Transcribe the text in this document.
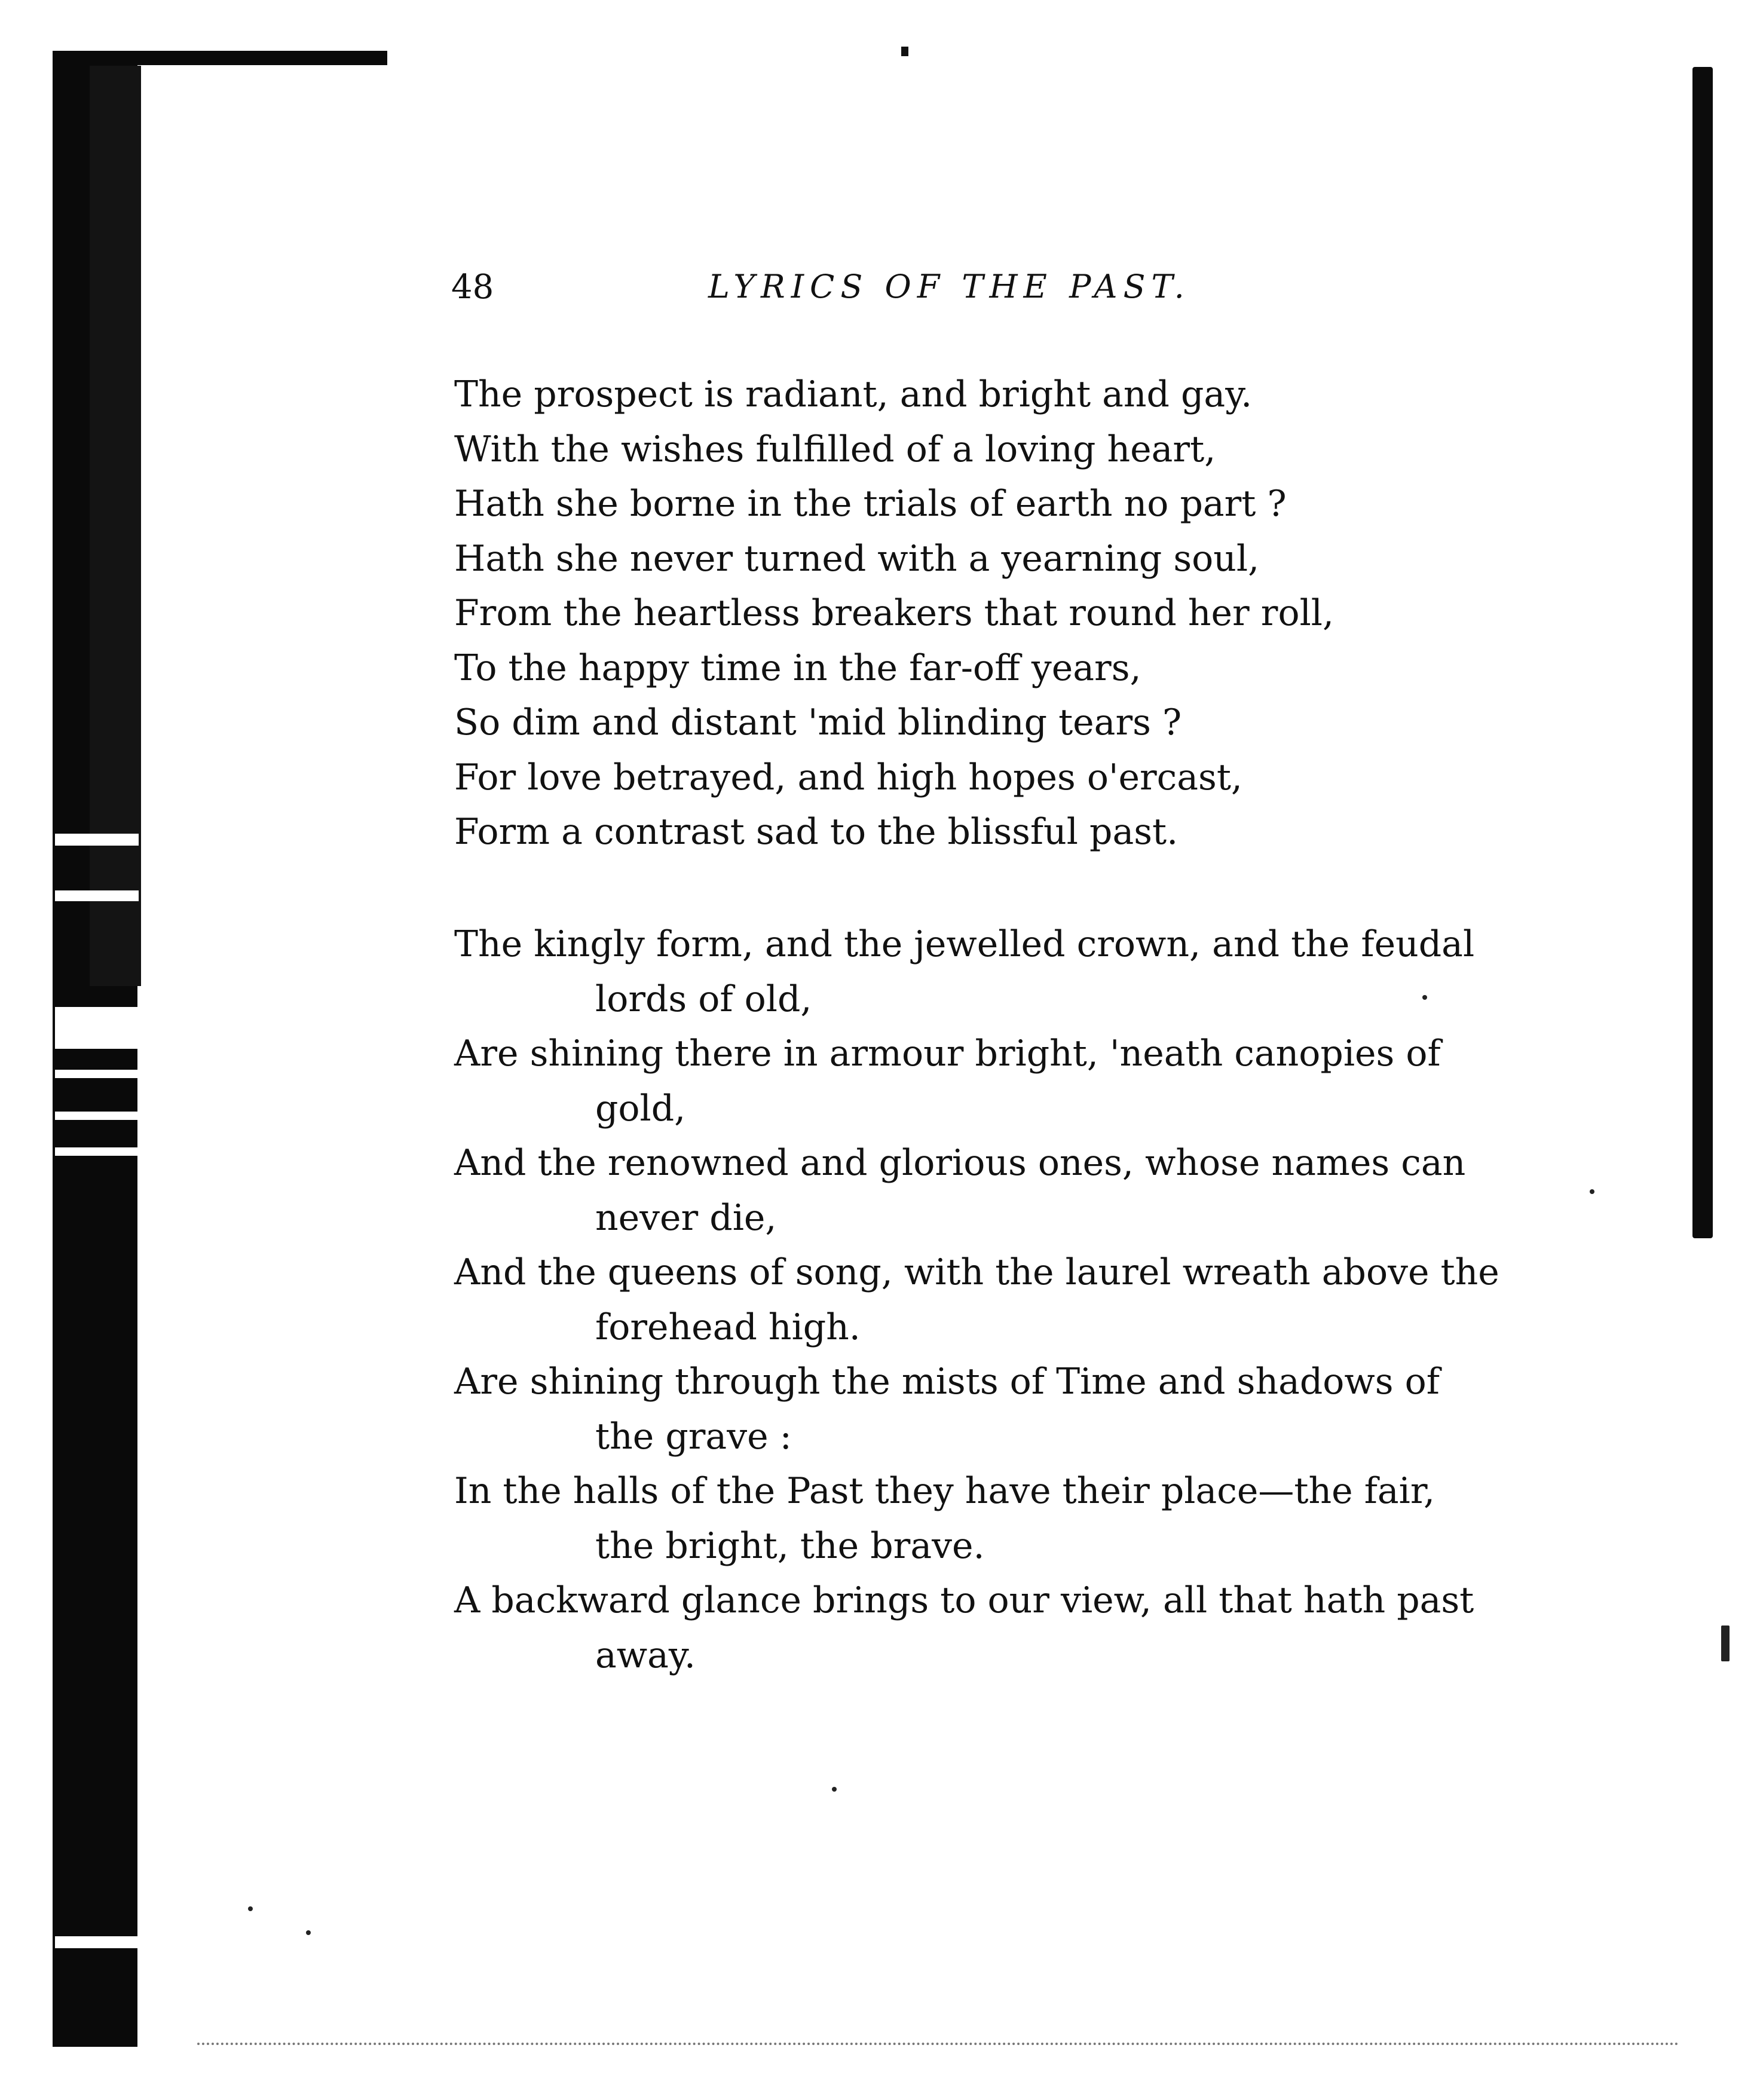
48	LYRICS OF THE PAST.
The prospect is radiant, and bright and gay.
With the wishes fulfilled of a loving heart,
Hath she borne in the trials of earth no part ?
Hath she never turned with a yearning soul,
From the heartless breakers that round her roll,
To the happy time in the far-off years,
So dim and distant 'mid blinding tears ?
For love betrayed, and high hopes o'ercast,
Form a contrast sad to the blissful past.
The kingly form, and the jewelled crown, and the feudal
lords of old,
Are shining there in armour bright, 'neath canopies of
gold,
And the renowned and glorious ones, whose names can
never die,
And the queens of song, with the laurel wreath above the
forehead high.
Are shining through the mists of Time and shadows of
the grave :
In the halls of the Past they have their place—the fair,
the bright, the brave.
A backward glance brings to our view, all that hath past
away.
